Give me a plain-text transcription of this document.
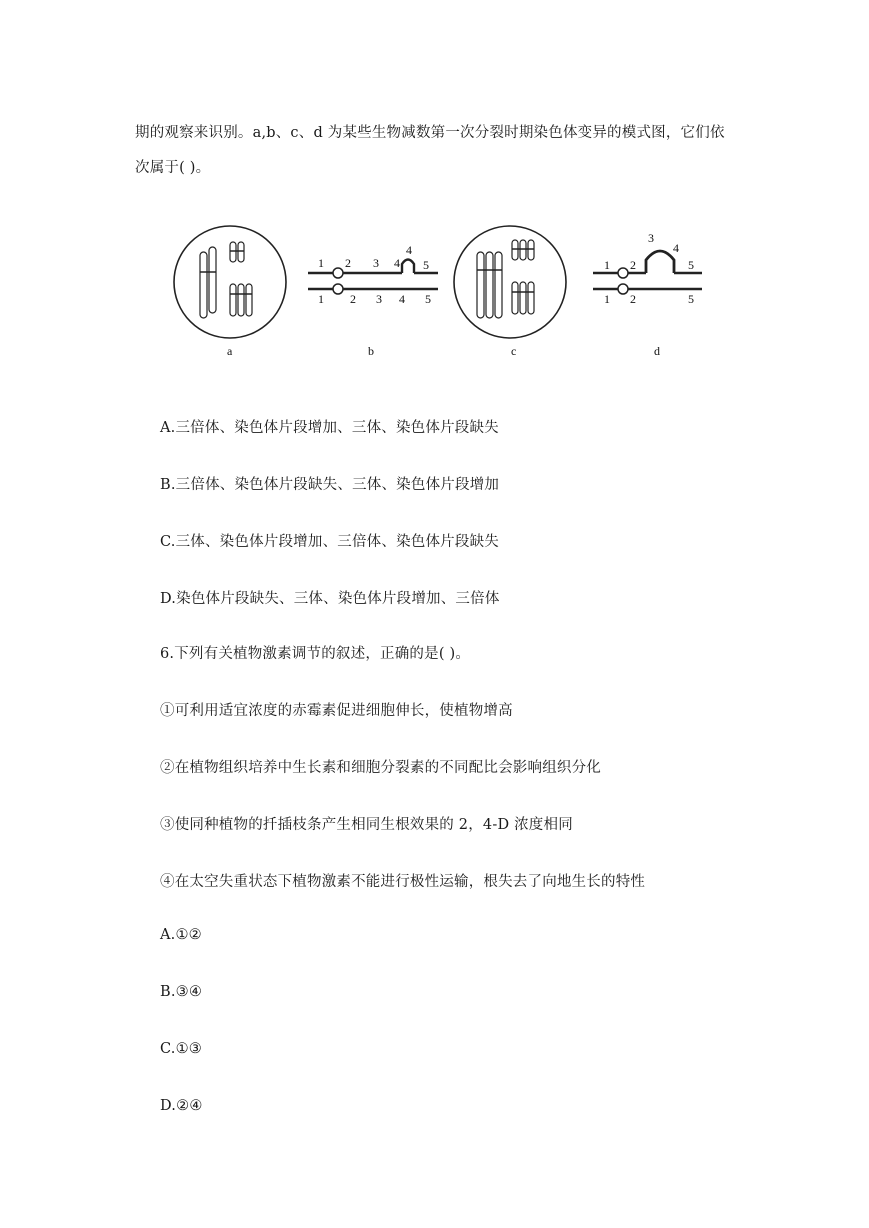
期的观察来识别。a,b、c、d 为某些生物减数第一次分裂时期染色体变异的模式图，它们依
次属于( )。
a
1 2 3 4
4
5
1 2 3 4 5
b	c
1 2
3
4
5
1 2	5
d
A.三倍体、染色体片段增加、三体、染色体片段缺失
B.三倍体、染色体片段缺失、三体、染色体片段增加
C.三体、染色体片段增加、三倍体、染色体片段缺失
D.染色体片段缺失、三体、染色体片段增加、三倍体
6.下列有关植物激素调节的叙述，正确的是( )。
①可利用适宜浓度的赤霉素促进细胞伸长，使植物增高
②在植物组织培养中生长素和细胞分裂素的不同配比会影响组织分化
③使同种植物的扦插枝条产生相同生根效果的 2，4-D 浓度相同
④在太空失重状态下植物激素不能进行极性运输，根失去了向地生长的特性
A.①②
B.③④
C.①③
D.②④
